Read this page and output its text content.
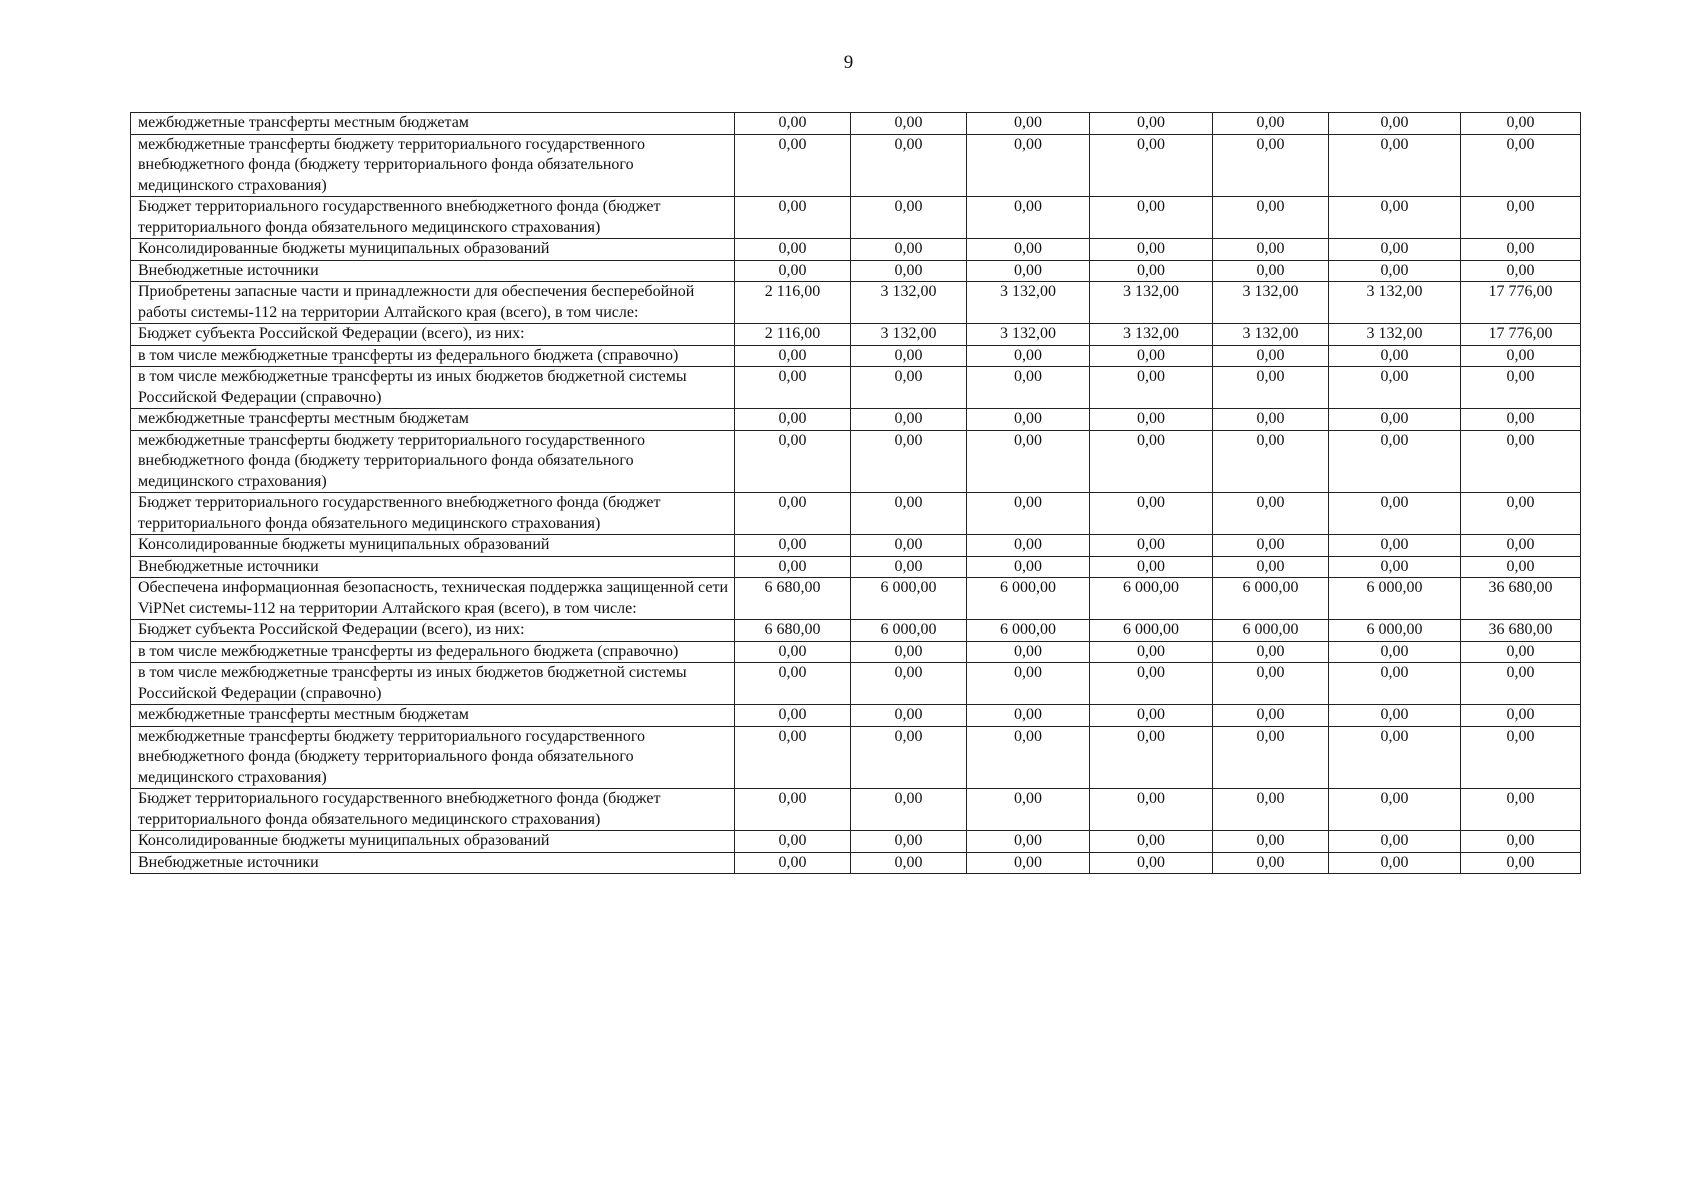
9
межбюджетные трансферты местным бюджетам	0,00	0,00	0,00	0,00	0,00	0,00	0,00
межбюджетные трансферты бюджету территориального государственного внебюджетного фонда (бюджету территориального фонда обязательного медицинского страхования)	0,00	0,00	0,00	0,00	0,00	0,00	0,00
Бюджет территориального государственного внебюджетного фонда (бюджет территориального фонда обязательного медицинского страхования)	0,00	0,00	0,00	0,00	0,00	0,00	0,00
Консолидированные бюджеты муниципальных образований	0,00	0,00	0,00	0,00	0,00	0,00	0,00
Внебюджетные источники	0,00	0,00	0,00	0,00	0,00	0,00	0,00
Приобретены запасные части и принадлежности для обеспечения бесперебойной работы системы-112 на территории Алтайского края (всего), в том числе:	2 116,00	3 132,00	3 132,00	3 132,00	3 132,00	3 132,00	17 776,00
Бюджет субъекта Российской Федерации (всего), из них:	2 116,00	3 132,00	3 132,00	3 132,00	3 132,00	3 132,00	17 776,00
в том числе межбюджетные трансферты из федерального бюджета (справочно)	0,00	0,00	0,00	0,00	0,00	0,00	0,00
в том числе межбюджетные трансферты из иных бюджетов бюджетной системы Российской Федерации (справочно)	0,00	0,00	0,00	0,00	0,00	0,00	0,00
межбюджетные трансферты местным бюджетам	0,00	0,00	0,00	0,00	0,00	0,00	0,00
межбюджетные трансферты бюджету территориального государственного внебюджетного фонда (бюджету территориального фонда обязательного медицинского страхования)	0,00	0,00	0,00	0,00	0,00	0,00	0,00
Бюджет территориального государственного внебюджетного фонда (бюджет территориального фонда обязательного медицинского страхования)	0,00	0,00	0,00	0,00	0,00	0,00	0,00
Консолидированные бюджеты муниципальных образований	0,00	0,00	0,00	0,00	0,00	0,00	0,00
Внебюджетные источники	0,00	0,00	0,00	0,00	0,00	0,00	0,00
Обеспечена информационная безопасность, техническая поддержка защищенной сети ViPNet системы-112 на территории Алтайского края (всего), в том числе:	6 680,00	6 000,00	6 000,00	6 000,00	6 000,00	6 000,00	36 680,00
Бюджет субъекта Российской Федерации (всего), из них:	6 680,00	6 000,00	6 000,00	6 000,00	6 000,00	6 000,00	36 680,00
в том числе межбюджетные трансферты из федерального бюджета (справочно)	0,00	0,00	0,00	0,00	0,00	0,00	0,00
в том числе межбюджетные трансферты из иных бюджетов бюджетной системы Российской Федерации (справочно)	0,00	0,00	0,00	0,00	0,00	0,00	0,00
межбюджетные трансферты местным бюджетам	0,00	0,00	0,00	0,00	0,00	0,00	0,00
межбюджетные трансферты бюджету территориального государственного внебюджетного фонда (бюджету территориального фонда обязательного медицинского страхования)	0,00	0,00	0,00	0,00	0,00	0,00	0,00
Бюджет территориального государственного внебюджетного фонда (бюджет территориального фонда обязательного медицинского страхования)	0,00	0,00	0,00	0,00	0,00	0,00	0,00
Консолидированные бюджеты муниципальных образований	0,00	0,00	0,00	0,00	0,00	0,00	0,00
Внебюджетные источники	0,00	0,00	0,00	0,00	0,00	0,00	0,00
